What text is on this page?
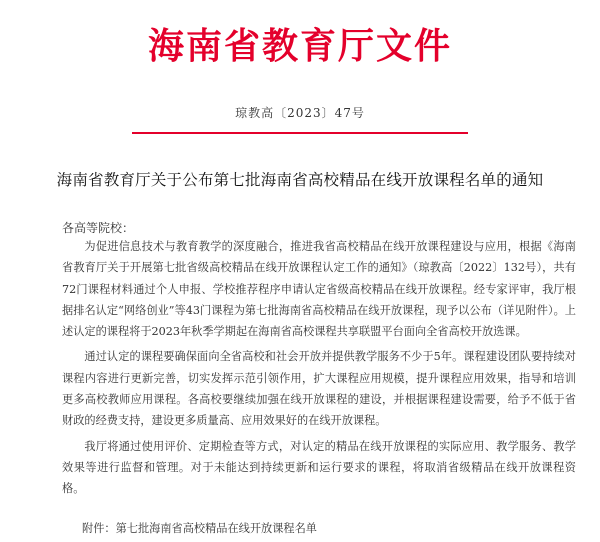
海南省教育厅文件
琼教高〔2023〕47号
海南省教育厅关于公布第七批海南省高校精品在线开放课程名单的通知
各高等院校：

为促进信息技术与教育教学的深度融合，推进我省高校精品在线开放课程建设与应用，根据《海南省教育厅关于开展第七批省级高校精品在线开放课程认定工作的通知》（琼教高〔2022〕132号），共有72门课程材料通过个人申报、学校推荐程序申请认定省级高校精品在线开放课程。经专家评审，我厅根据排名认定“网络创业”等43门课程为第七批海南省高校精品在线开放课程，现予以公布（详见附件）。上述认定的课程将于2023年秋季学期起在海南省高校课程共享联盟平台面向全省高校开放选课。

通过认定的课程要确保面向全省高校和社会开放并提供教学服务不少于5年。课程建设团队要持续对课程内容进行更新完善，切实发挥示范引领作用，扩大课程应用规模，提升课程应用效果，指导和培训更多高校教师应用课程。各高校要继续加强在线开放课程的建设，并根据课程建设需要，给予不低于省财政的经费支持，建设更多质量高、应用效果好的在线开放课程。

我厅将通过使用评价、定期检查等方式，对认定的精品在线开放课程的实际应用、教学服务、教学效果等进行监督和管理。对于未能达到持续更新和运行要求的课程，将取消省级精品在线开放课程资格。

附件：第七批海南省高校精品在线开放课程名单
